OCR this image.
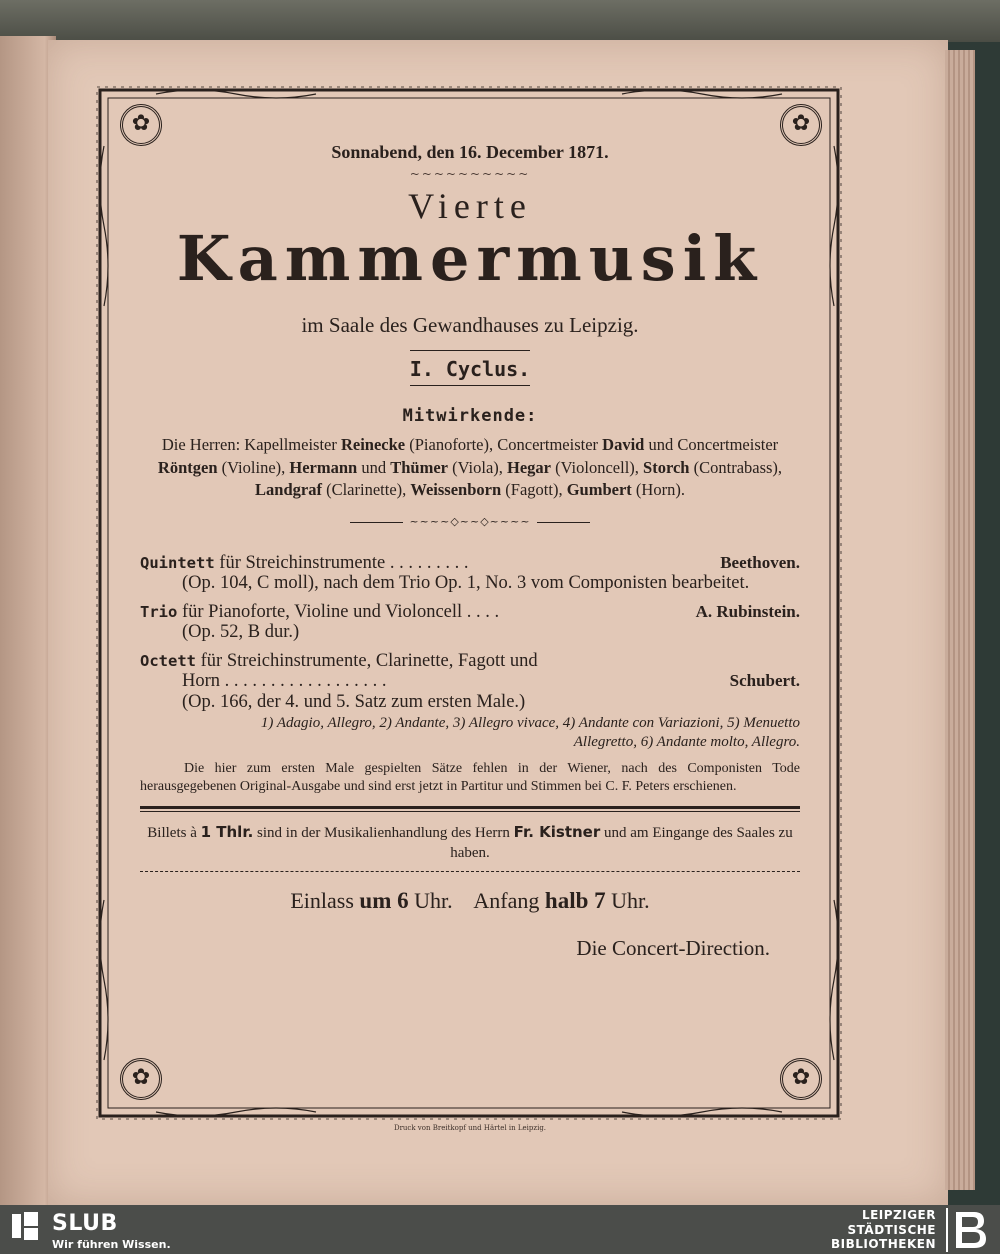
✿	✿
✿	✿
Sonnabend, den 16. December 1871.
~~~~~~~~~~
Vierte
Kammermusik
im Saale des Gewandhauses zu Leipzig.
I. Cyclus.
Mitwirkende:
Die Herren: Kapellmeister Reinecke (Pianoforte), Concertmeister David und Concertmeister Röntgen (Violine), Hermann und Thümer (Viola), Hegar (Violoncell), Storch (Contrabass), Landgraf (Clarinette), Weissenborn (Fagott), Gumbert (Horn).
~~~~◇~~◇~~~~
Quintett für Streichinstrumente . . . . . . . . .	Beethoven.
(Op. 104, C moll), nach dem Trio Op. 1, No. 3 vom Componisten bearbeitet.
Trio für Pianoforte, Violine und Violoncell . . . .	A. Rubinstein.
(Op. 52, B dur.)
Octett für Streichinstrumente, Clarinette, Fagott und
Horn . . . . . . . . . . . . . . . . . .	Schubert.
(Op. 166, der 4. und 5. Satz zum ersten Male.)
1) Adagio, Allegro, 2) Andante, 3) Allegro vivace, 4) Andante con Variazioni, 5) Menuetto Allegretto, 6) Andante molto, Allegro.
Die hier zum ersten Male gespielten Sätze fehlen in der Wiener, nach des Componisten Tode herausgegebenen Original-Ausgabe und sind erst jetzt in Partitur und Stimmen bei C. F. Peters erschienen.
Billets à 1 Thlr. sind in der Musikalienhandlung des Herrn Fr. Kistner und am Eingange des Saales zu haben.
Einlass um 6 Uhr. Anfang halb 7 Uhr.
Die Concert-Direction.
Druck von Breitkopf und Härtel in Leipzig.
SLUB
Wir führen Wissen.
LEIPZIGER
STÄDTISCHE
BIBLIOTHEKEN
